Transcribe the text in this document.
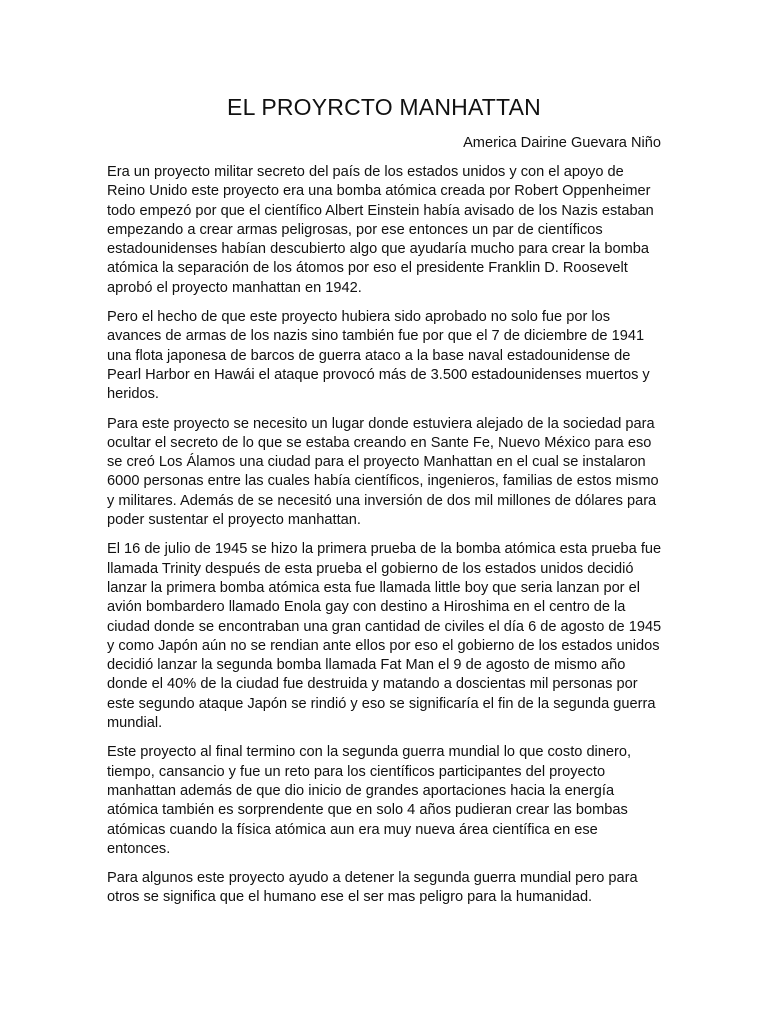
EL PROYRCTO MANHATTAN

America Dairine Guevara Niño

Era un proyecto militar secreto del país de los estados unidos y con el apoyo de Reino Unido este proyecto era una bomba atómica creada por Robert Oppenheimer todo empezó por que el científico Albert Einstein había avisado de los Nazis estaban empezando a crear armas peligrosas, por ese entonces un par de científicos estadounidenses habían descubierto algo que ayudaría mucho para crear la bomba atómica la separación de los átomos por eso el presidente Franklin D. Roosevelt aprobó el proyecto manhattan en 1942.

Pero el hecho de que este proyecto hubiera sido aprobado no solo fue por los avances de armas de los nazis sino también fue por que el 7 de diciembre de 1941 una flota japonesa de barcos de guerra ataco a la base naval estadounidense de Pearl Harbor en Hawái el ataque provocó más de 3.500 estadounidenses muertos y heridos.

Para este proyecto se necesito un lugar donde estuviera alejado de la sociedad para ocultar el secreto de lo que se estaba creando en Sante Fe, Nuevo México para eso se creó Los Álamos una ciudad para el proyecto Manhattan en el cual se instalaron 6000 personas entre las cuales había científicos, ingenieros, familias de estos mismo y militares. Además de se necesitó una inversión de dos mil millones de dólares para poder sustentar el proyecto manhattan.

El 16 de julio de 1945 se hizo la primera prueba de la bomba atómica esta prueba fue llamada Trinity después de esta prueba el gobierno de los estados unidos decidió lanzar la primera bomba atómica esta fue llamada little boy que seria lanzan por el avión bombardero llamado Enola gay con destino a Hiroshima en el centro de la ciudad donde se encontraban una gran cantidad de civiles el día 6 de agosto de 1945 y como Japón aún no se rendian ante ellos por eso el gobierno de los estados unidos decidió lanzar la segunda bomba llamada Fat Man el 9 de agosto de mismo año donde el 40% de la ciudad fue destruida y matando a doscientas mil personas por este segundo ataque Japón se rindió y eso se significaría el fin de la segunda guerra mundial.

Este proyecto al final termino con la segunda guerra mundial lo que costo dinero, tiempo, cansancio y fue un reto para los científicos participantes del proyecto manhattan además de que dio inicio de grandes aportaciones hacia la energía atómica también es sorprendente que en solo 4 años pudieran crear las bombas atómicas cuando la física atómica aun era muy nueva área científica en ese entonces.

Para algunos este proyecto ayudo a detener la segunda guerra mundial pero para otros se significa que el humano ese el ser mas peligro para la humanidad.
